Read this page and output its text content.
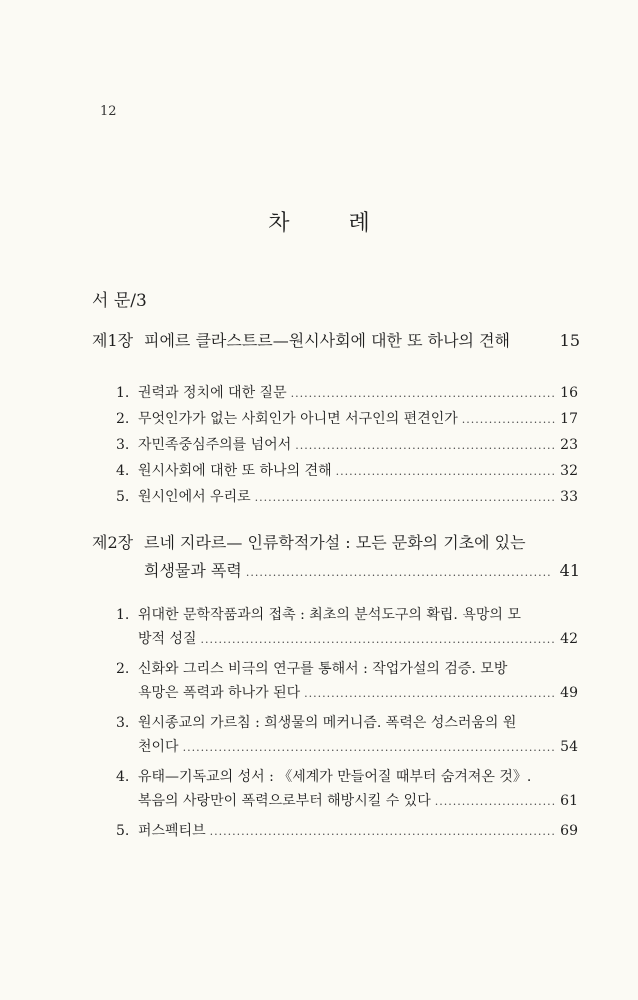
12
차 례
서 문/3
제1장 피에르 클라스트르—원시사회에 대한 또 하나의 견해	15
1. 권력과 정치에 대한 질문 .....	16
2. 무엇인가가 없는 사회인가 아니면 서구인의 편견인가 .....	17
3. 자민족중심주의를 넘어서 .....	23
4. 원시사회에 대한 또 하나의 견해 .....	32
5. 원시인에서 우리로 .....	33
제2장 르네 지라르— 인류학적가설 : 모든 문화의 기초에 있는
희생물과 폭력 .....	41
1. 위대한 문학작품과의 접촉 : 최초의 분석도구의 확립. 욕망의 모
방적 성질 .....	42
2. 신화와 그리스 비극의 연구를 통해서 : 작업가설의 검증. 모방
욕망은 폭력과 하나가 된다 .....	49
3. 원시종교의 가르침 : 희생물의 메커니즘. 폭력은 성스러움의 원
천이다 .....	54
4. 유태—기독교의 성서 : 《세계가 만들어질 때부터 숨겨져온 것》.
복음의 사랑만이 폭력으로부터 해방시킬 수 있다 .....	61
5. 퍼스펙티브 .....	69
